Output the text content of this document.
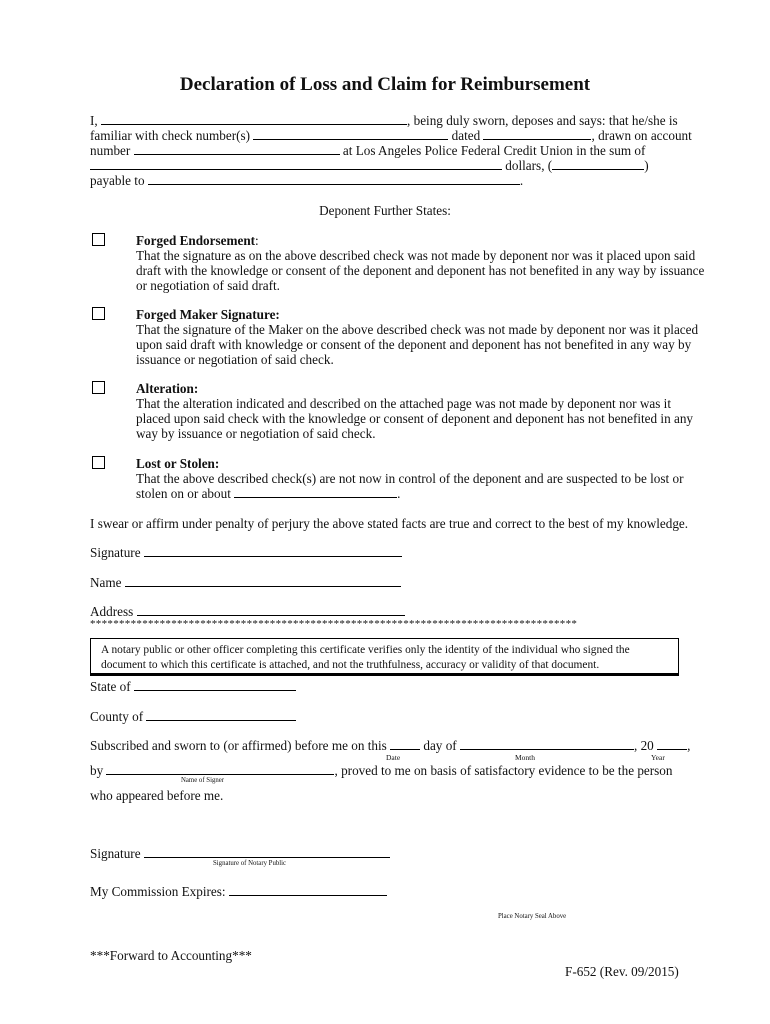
Declaration of Loss and Claim for Reimbursement
I,	, being duly sworn, deposes and says: that he/she is
familiar with check number(s)	dated	, drawn on account
number	at Los Angeles Police Federal Credit Union in the sum of
dollars, (	)
payable to	.
Deponent Further States:
Forged Endorsement:
That the signature as on the above described check was not made by deponent nor was it placed upon said
draft with the knowledge or consent of the deponent and deponent has not benefited in any way by issuance
or negotiation of said draft.
Forged Maker Signature:
That the signature of the Maker on the above described check was not made by deponent nor was it placed
upon said draft with knowledge or consent of the deponent and deponent has not benefited in any way by
issuance or negotiation of said check.
Alteration:
That the alteration indicated and described on the attached page was not made by deponent nor was it
placed upon said check with the knowledge or consent of deponent and deponent has not benefited in any
way by issuance or negotiation of said check.
Lost or Stolen:
That the above described check(s) are not now in control of the deponent and are suspected to be lost or
stolen on or about	.
I swear or affirm under penalty of perjury the above stated facts are true and correct to the best of my knowledge.
Signature
Name
Address
************************************************************************************
A notary public or other officer completing this certificate verifies only the identity of the individual who signed the
document to which this certificate is attached, and not the truthfulness, accuracy or validity of that document.
State of
County of
Subscribed and sworn to (or affirmed) before me on this	day of	, 20	,
Date	Month	Year
by	, proved to me on basis of satisfactory evidence to be the person
Name of Signer
who appeared before me.
Signature
Signature of Notary Public
My Commission Expires:
Place Notary Seal Above
***Forward to Accounting***
F-652 (Rev. 09/2015)
